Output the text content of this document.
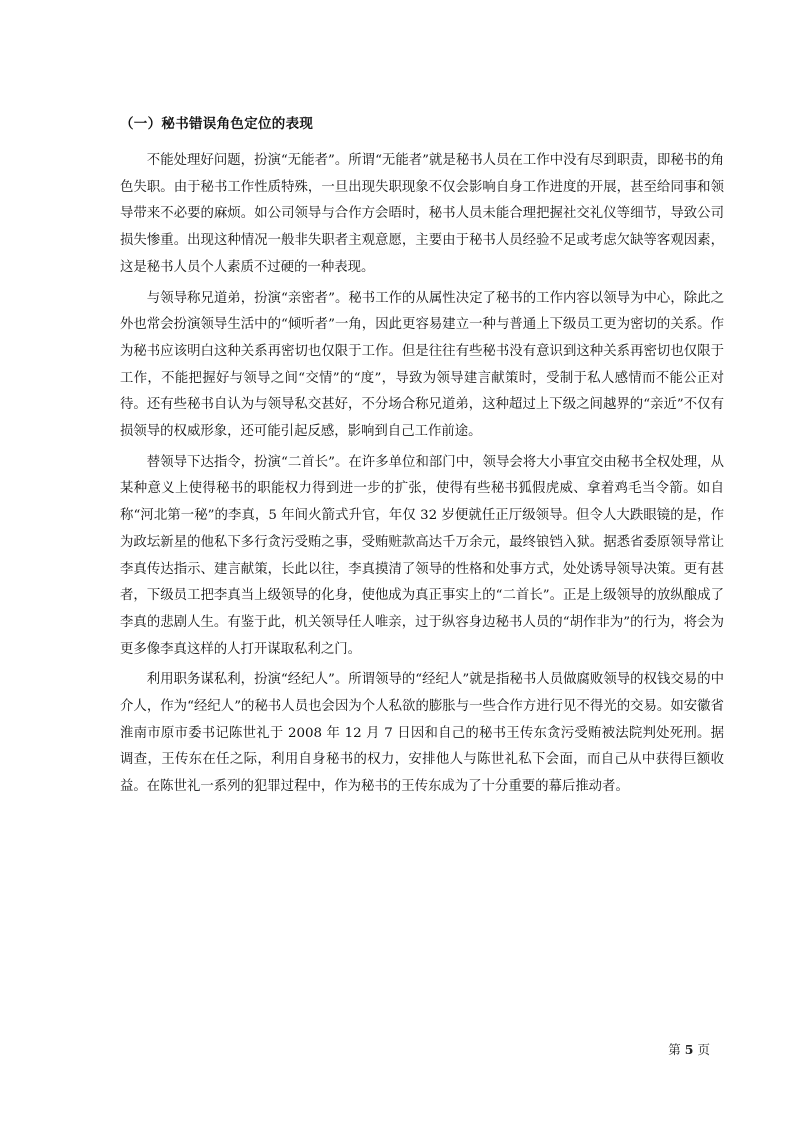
（一）秘书错误角色定位的表现

不能处理好问题，扮演“无能者”。所谓“无能者”就是秘书人员在工作中没有尽到职责，即秘书的角色失职。由于秘书工作性质特殊，一旦出现失职现象不仅会影响自身工作进度的开展，甚至给同事和领导带来不必要的麻烦。如公司领导与合作方会晤时，秘书人员未能合理把握社交礼仪等细节，导致公司损失惨重。出现这种情况一般非失职者主观意愿，主要由于秘书人员经验不足或考虑欠缺等客观因素，这是秘书人员个人素质不过硬的一种表现。

与领导称兄道弟，扮演“亲密者”。秘书工作的从属性决定了秘书的工作内容以领导为中心，除此之外也常会扮演领导生活中的“倾听者”一角，因此更容易建立一种与普通上下级员工更为密切的关系。作为秘书应该明白这种关系再密切也仅限于工作。但是往往有些秘书没有意识到这种关系再密切也仅限于工作，不能把握好与领导之间“交情”的“度”，导致为领导建言献策时，受制于私人感情而不能公正对待。还有些秘书自认为与领导私交甚好，不分场合称兄道弟，这种超过上下级之间越界的“亲近”不仅有损领导的权威形象，还可能引起反感，影响到自己工作前途。

替领导下达指令，扮演“二首长”。在许多单位和部门中，领导会将大小事宜交由秘书全权处理，从某种意义上使得秘书的职能权力得到进一步的扩张，使得有些秘书狐假虎威、拿着鸡毛当令箭。如自称“河北第一秘”的李真，5 年间火箭式升官，年仅 32 岁便就任正厅级领导。但令人大跌眼镜的是，作为政坛新星的他私下多行贪污受贿之事，受贿赃款高达千万余元，最终锒铛入狱。据悉省委原领导常让李真传达指示、建言献策，长此以往，李真摸清了领导的性格和处事方式，处处诱导领导决策。更有甚者，下级员工把李真当上级领导的化身，使他成为真正事实上的“二首长”。正是上级领导的放纵酿成了李真的悲剧人生。有鉴于此，机关领导任人唯亲，过于纵容身边秘书人员的“胡作非为”的行为，将会为更多像李真这样的人打开谋取私利之门。

利用职务谋私利，扮演“经纪人”。所谓领导的“经纪人”就是指秘书人员做腐败领导的权钱交易的中介人，作为“经纪人”的秘书人员也会因为个人私欲的膨胀与一些合作方进行见不得光的交易。如安徽省淮南市原市委书记陈世礼于 2008 年 12 月 7 日因和自己的秘书王传东贪污受贿被法院判处死刑。据调查，王传东在任之际，利用自身秘书的权力，安排他人与陈世礼私下会面，而自己从中获得巨额收益。在陈世礼一系列的犯罪过程中，作为秘书的王传东成为了十分重要的幕后推动者。

第 5 页
